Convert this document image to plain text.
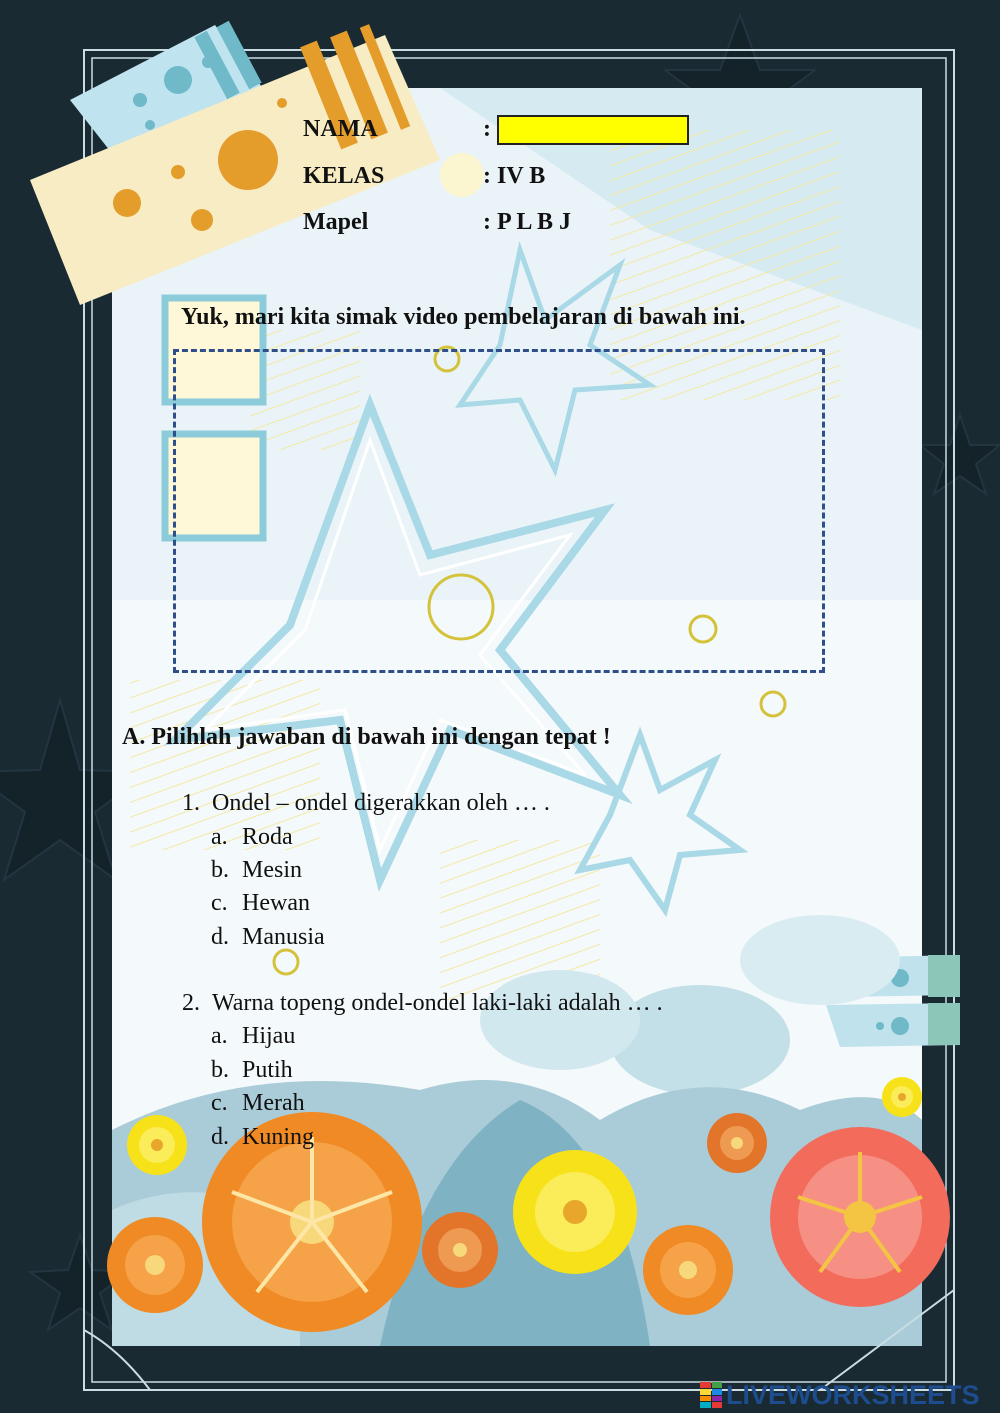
NAMA	:
KELAS	: IV B
Mapel	: P L B J
Yuk, mari kita simak video pembelajaran di bawah ini.
A. Pilihlah jawaban di bawah ini dengan tepat !
1. Ondel – ondel digerakkan oleh … .
a. Roda
b. Mesin
c. Hewan
d. Manusia
2. Warna topeng ondel-ondel laki-laki adalah … .
a. Hijau
b. Putih
c. Merah
d. Kuning
LIVEWORKSHEETS
